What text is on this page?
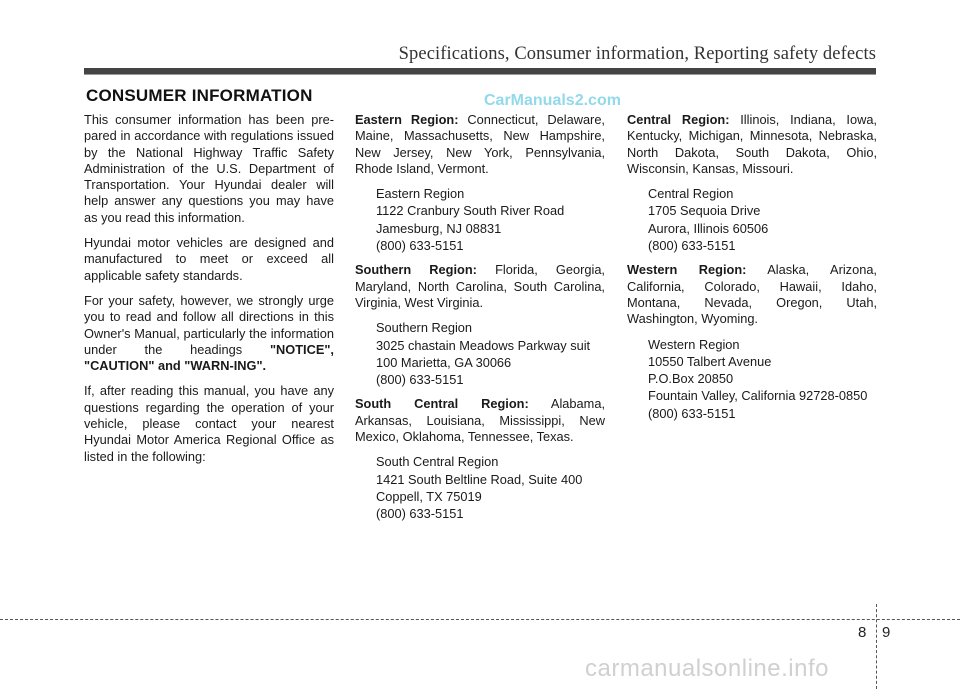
Specifications, Consumer information, Reporting safety defects
CONSUMER INFORMATION	CarManuals2.com

This consumer information has been pre-pared in accordance with regulations issued by the National Highway Traffic Safety Administration of the U.S. Department of Transportation. Your Hyundai dealer will help answer any questions you may have as you read this information.

Hyundai motor vehicles are designed and manufactured to meet or exceed all applicable safety standards.

For your safety, however, we strongly urge you to read and follow all directions in this Owner's Manual, particularly the information under the headings "NOTICE", "CAUTION" and "WARN-ING".

If, after reading this manual, you have any questions regarding the operation of your vehicle, please contact your nearest Hyundai Motor America Regional Office as listed in the following:

Eastern Region: Connecticut, Delaware, Maine, Massachusetts, New Hampshire, New Jersey, New York, Pennsylvania, Rhode Island, Vermont.

Eastern Region
1122 Cranbury South River Road
Jamesburg, NJ 08831
(800) 633-5151

Southern Region: Florida, Georgia, Maryland, North Carolina, South Carolina, Virginia, West Virginia.

Southern Region
3025 chastain Meadows Parkway suit
100 Marietta, GA 30066
(800) 633-5151

South Central Region: Alabama, Arkansas, Louisiana, Mississippi, New Mexico, Oklahoma, Tennessee, Texas.

South Central Region
1421 South Beltline Road, Suite 400
Coppell, TX 75019
(800) 633-5151

Central Region: Illinois, Indiana, Iowa, Kentucky, Michigan, Minnesota, Nebraska, North Dakota, South Dakota, Ohio, Wisconsin, Kansas, Missouri.

Central Region
1705 Sequoia Drive
Aurora, Illinois 60506
(800) 633-5151

Western Region: Alaska, Arizona, California, Colorado, Hawaii, Idaho, Montana, Nevada, Oregon, Utah, Washington, Wyoming.

Western Region
10550 Talbert Avenue
P.O.Box 20850
Fountain Valley, California 92728-0850
(800) 633-5151
8 9
carmanualsonline.info
